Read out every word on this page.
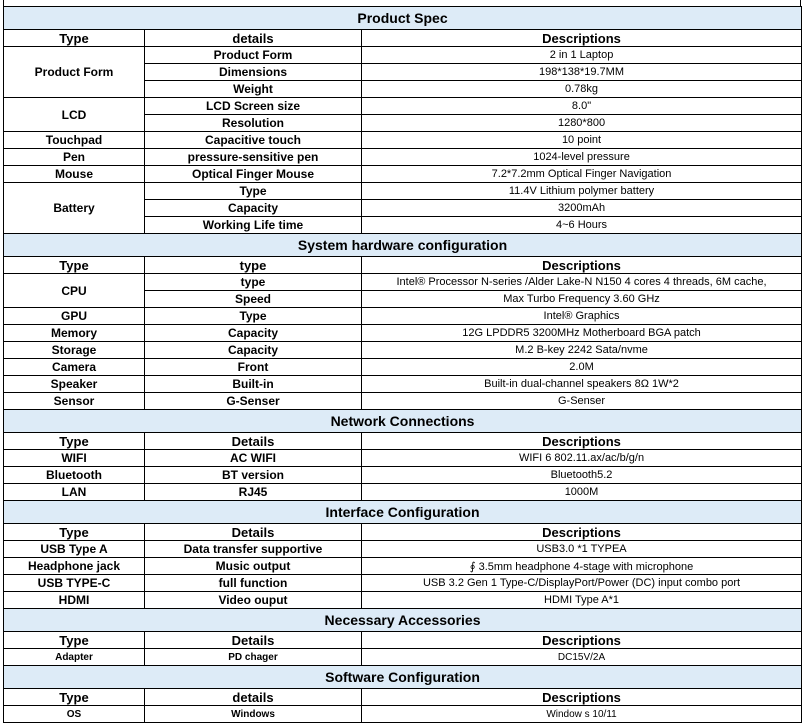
Product Spec		
Type	details	Descriptions
Product Form	Product Form	2 in 1 Laptop
	Dimensions	198*138*19.7MM
	Weight	0.78kg
LCD	LCD Screen size	8.0"
	Resolution	1280*800
Touchpad	Capacitive touch	10 point
Pen	pressure-sensitive pen	1024-level pressure
Mouse	Optical Finger Mouse	7.2*7.2mm Optical Finger Navigation
Battery	Type	11.4V Lithium polymer battery
	Capacity	3200mAh
	Working Life time	4~6 Hours
System hardware configuration		
Type	type	Descriptions
CPU	type	Intel® Processor N-series /Alder Lake-N N150 4 cores 4 threads, 6M cache,
	Speed	Max Turbo Frequency 3.60 GHz
GPU	Type	Intel® Graphics
Memory	Capacity	12G LPDDR5 3200MHz Motherboard BGA patch
Storage	Capacity	M.2 B-key 2242 Sata/nvme
Camera	Front	2.0M
Speaker	Built-in	Built-in dual-channel speakers 8Ω 1W*2
Sensor	G-Senser	G-Senser
Network Connections		
Type	Details	Descriptions
WIFI	AC WIFI	WIFI 6 802.11.ax/ac/b/g/n
Bluetooth	BT version	Bluetooth5.2
LAN	RJ45	1000M
Interface Configuration		
Type	Details	Descriptions
USB Type A	Data transfer supportive	USB3.0 *1 TYPEA
Headphone jack	Music output	∮ 3.5mm headphone 4-stage with microphone
USB TYPE-C	full function	USB 3.2 Gen 1 Type-C/DisplayPort/Power (DC) input combo port
HDMI	Video ouput	HDMI Type A*1
Necessary Accessories		
Type	Details	Descriptions
Adapter	PD chager	DC15V/2A
Software Configuration		
Type	details	Descriptions
OS	Windows	Window s 10/11
